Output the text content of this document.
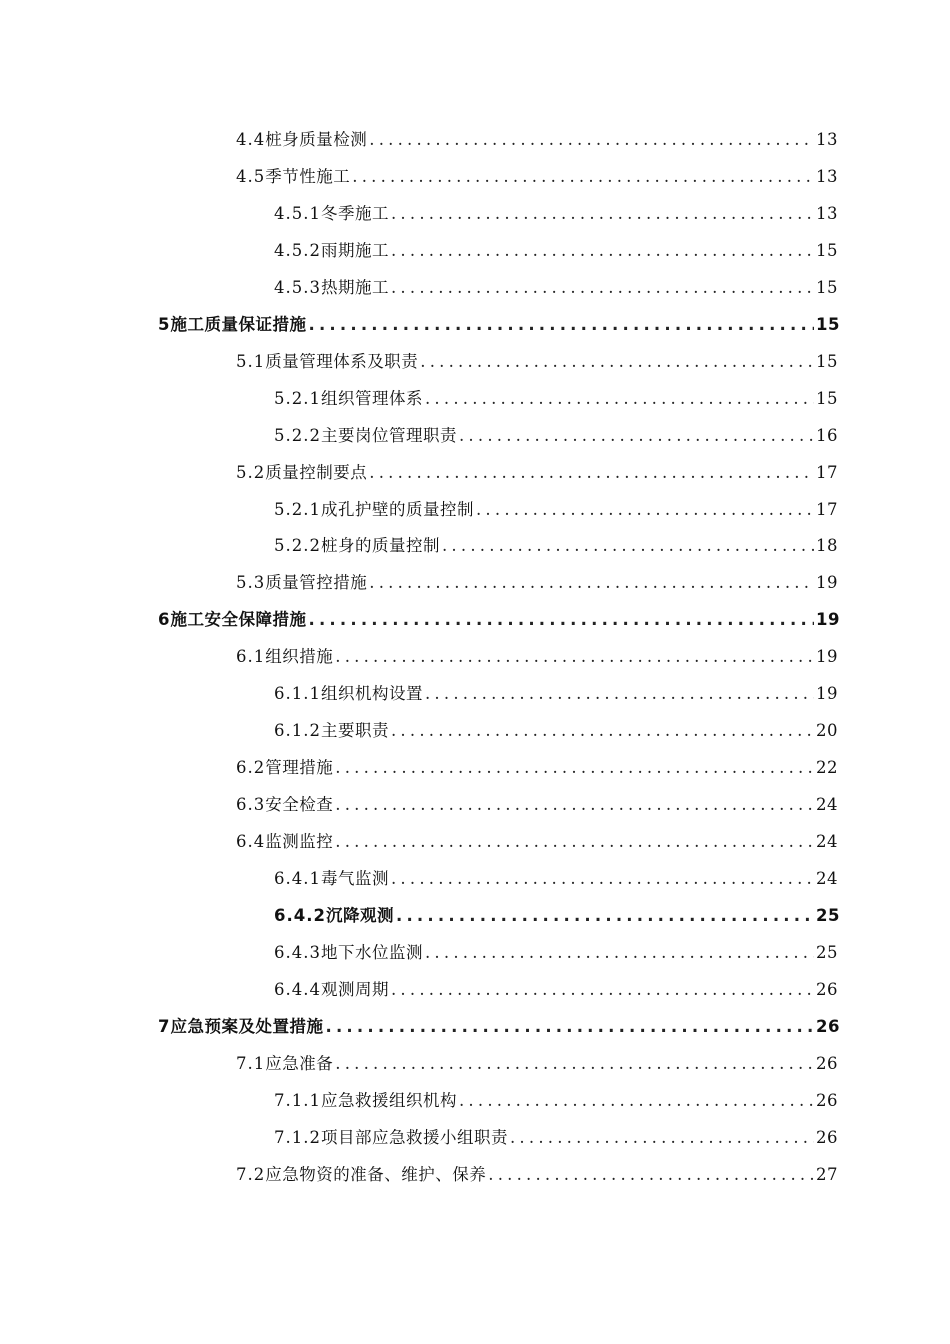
4.4 桩身质量检测 .....	13
4.5 季节性施工 .....	13
4.5.1 冬季施工 .....	13
4.5.2 雨期施工 .....	15
4.5.3 热期施工 .....	15
5 施工质量保证措施 .....	15
5.1 质量管理体系及职责 .....	15
5.2.1 组织管理体系 .....	15
5.2.2 主要岗位管理职责 .....	16
5.2 质量控制要点 .....	17
5.2.1 成孔护壁的质量控制 .....	17
5.2.2 桩身的质量控制 .....	18
5.3 质量管控措施 .....	19
6 施工安全保障措施 .....	19
6.1 组织措施 .....	19
6.1.1 组织机构设置 .....	19
6.1.2 主要职责 .....	20
6.2 管理措施 .....	22
6.3 安全检查 .....	24
6.4 监测监控 .....	24
6.4.1 毒气监测 .....	24
6.4.2 沉降观测 .....	25
6.4.3 地下水位监测 .....	25
6.4.4 观测周期 .....	26
7 应急预案及处置措施 .....	26
7.1 应急准备 .....	26
7.1.1 应急救援组织机构 .....	26
7.1.2 项目部应急救援小组职责 .....	26
7.2 应急物资的准备、维护、保养 .....	27
